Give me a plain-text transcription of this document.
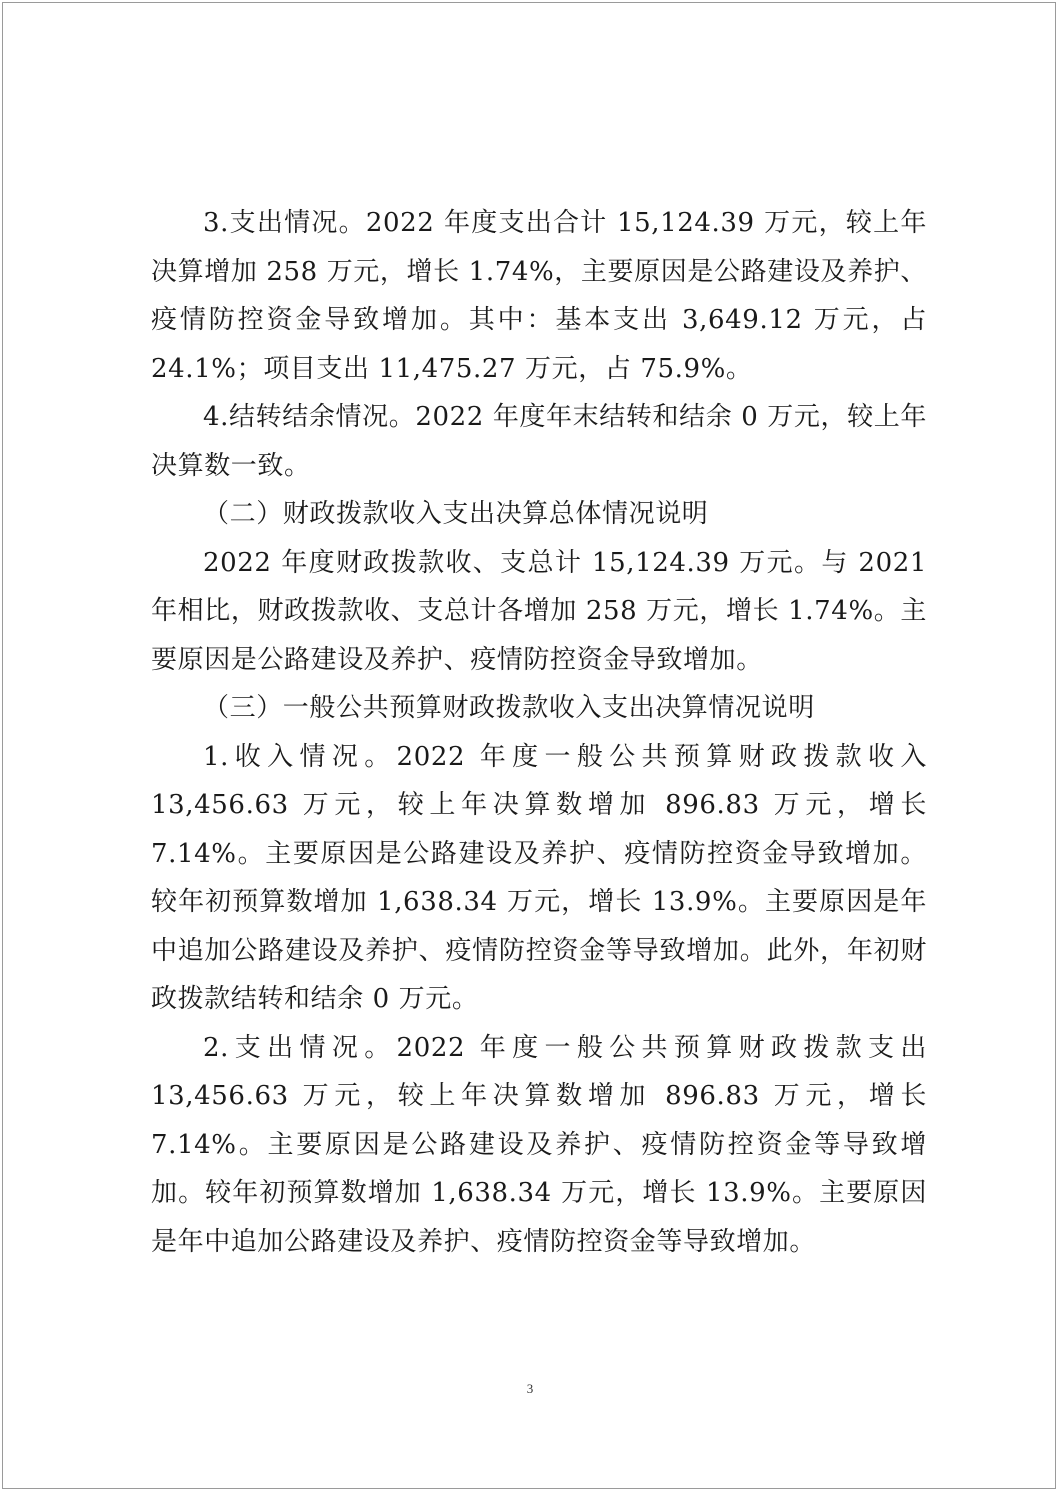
3.支出情况。2022 年度支出合计 15,124.39 万元，较上年决算增加 258 万元，增长 1.74%，主要原因是公路建设及养护、疫情防控资金导致增加。其中：基本支出 3,649.12 万元，占 24.1%；项目支出 11,475.27 万元，占 75.9%。

4.结转结余情况。2022 年度年末结转和结余 0 万元，较上年决算数一致。

（二）财政拨款收入支出决算总体情况说明

2022 年度财政拨款收、支总计 15,124.39 万元。与 2021 年相比，财政拨款收、支总计各增加 258 万元，增长 1.74%。主要原因是公路建设及养护、疫情防控资金导致增加。

（三）一般公共预算财政拨款收入支出决算情况说明

1.收入情况。2022 年度一般公共预算财政拨款收入 13,456.63 万元，较上年决算数增加 896.83 万元，增长 7.14%。主要原因是公路建设及养护、疫情防控资金导致增加。较年初预算数增加 1,638.34 万元，增长 13.9%。主要原因是年中追加公路建设及养护、疫情防控资金等导致增加。此外，年初财政拨款结转和结余 0 万元。

2.支出情况。2022 年度一般公共预算财政拨款支出 13,456.63 万元，较上年决算数增加 896.83 万元，增长 7.14%。主要原因是公路建设及养护、疫情防控资金等导致增加。较年初预算数增加 1,638.34 万元，增长 13.9%。主要原因是年中追加公路建设及养护、疫情防控资金等导致增加。

3
